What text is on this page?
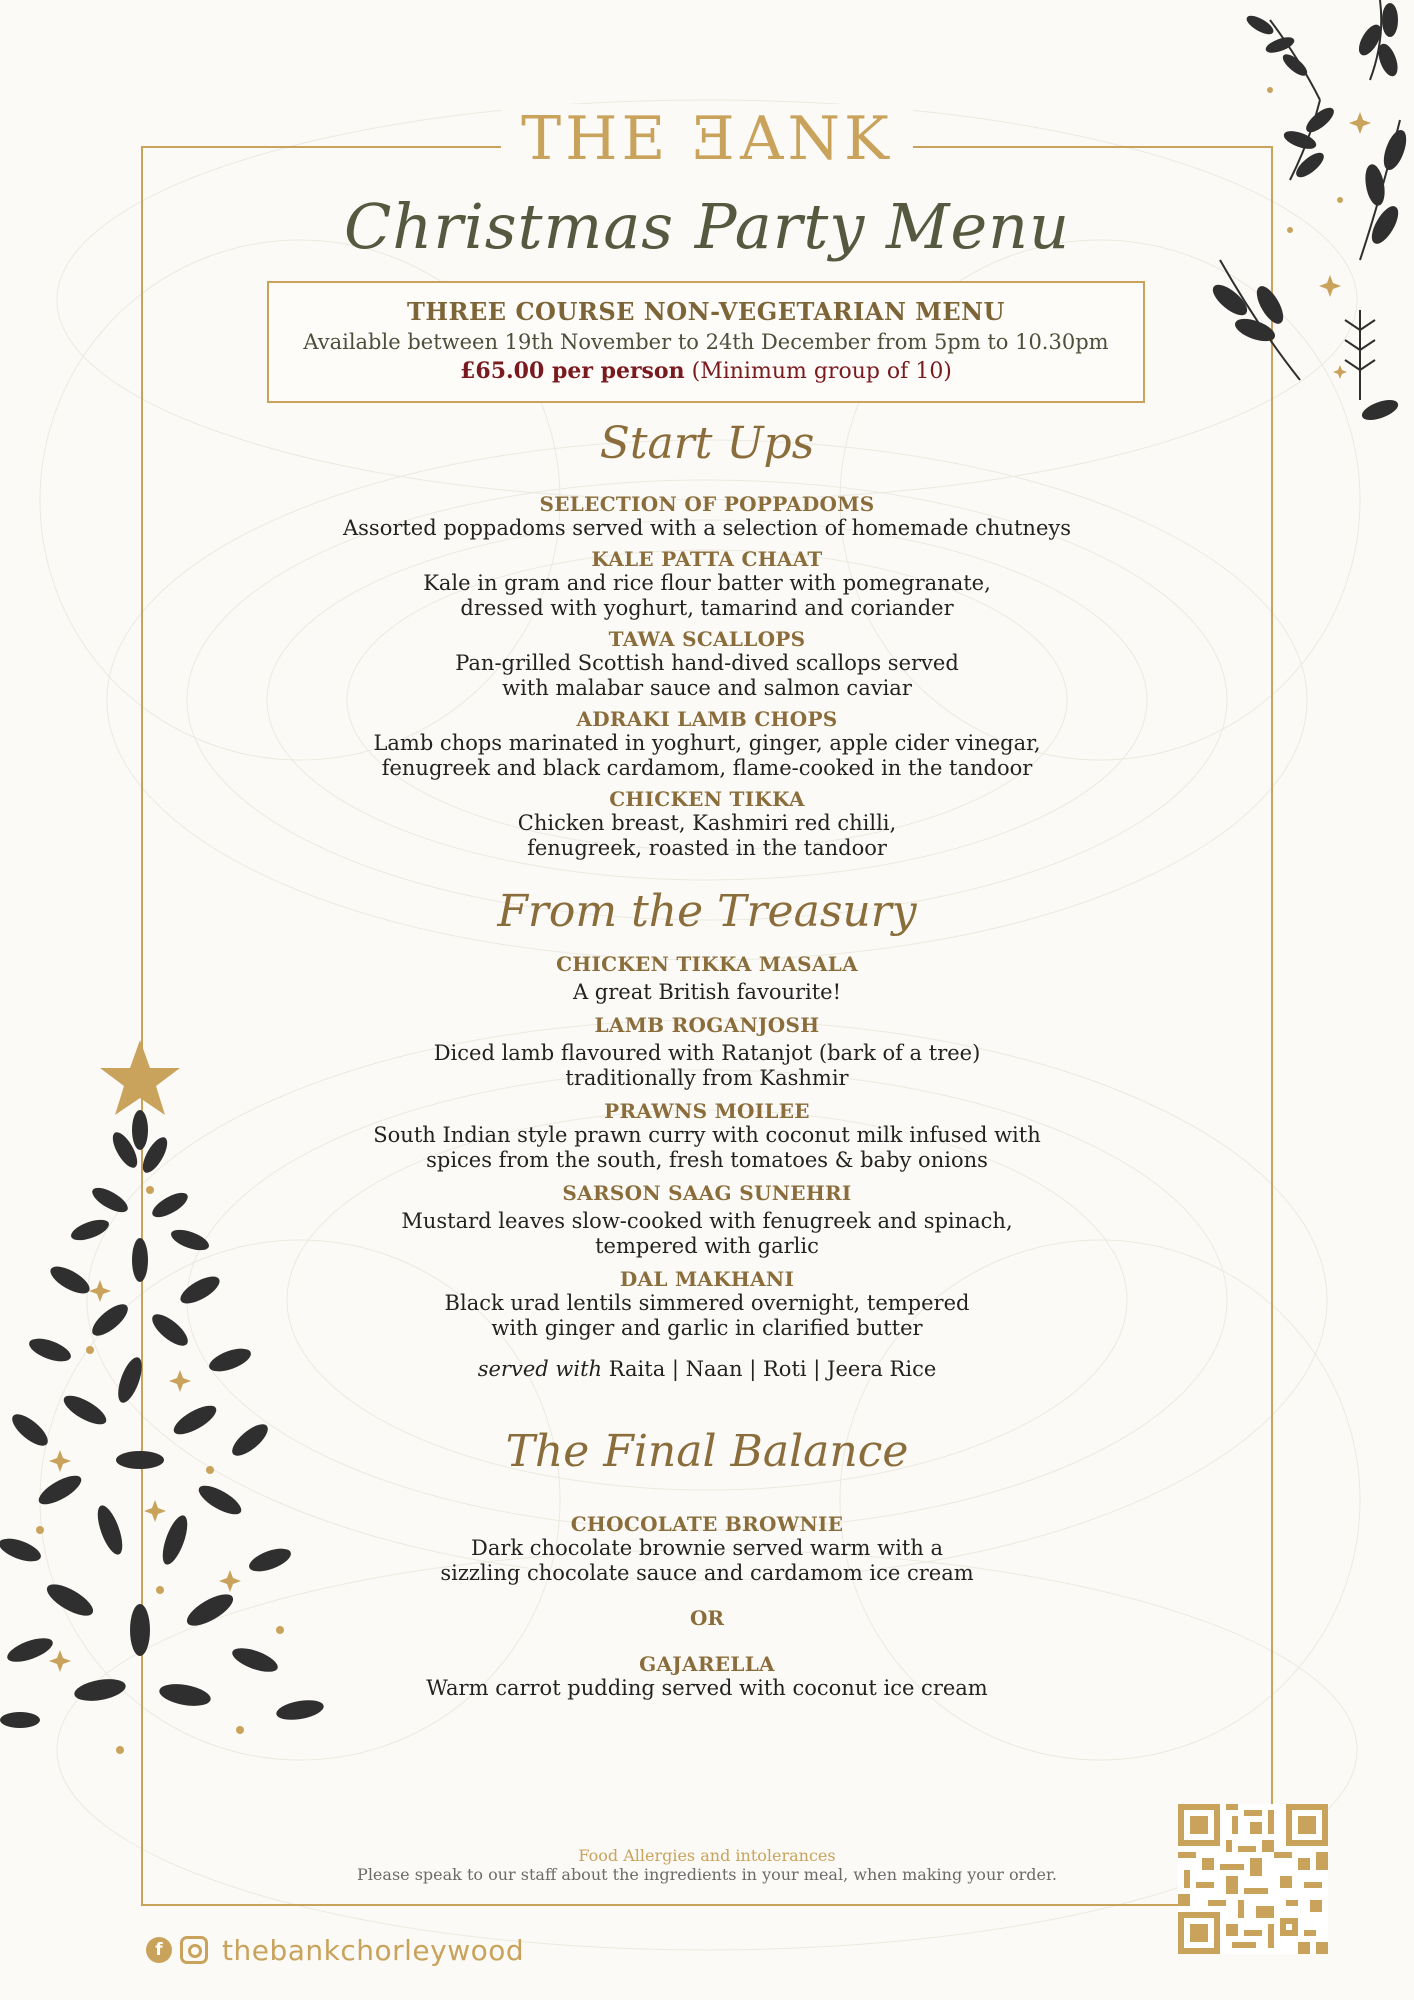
THE ƎANK
Christmas Party Menu
THREE COURSE NON-VEGETARIAN MENU
Available between 19th November to 24th December from 5pm to 10.30pm
£65.00 per person (Minimum group of 10)
Start Ups
SELECTION OF POPPADOMS
Assorted poppadoms served with a selection of homemade chutneys
KALE PATTA CHAAT
Kale in gram and rice flour batter with pomegranate,
dressed with yoghurt, tamarind and coriander
TAWA SCALLOPS
Pan-grilled Scottish hand-dived scallops served
with malabar sauce and salmon caviar
ADRAKI LAMB CHOPS
Lamb chops marinated in yoghurt, ginger, apple cider vinegar,
fenugreek and black cardamom, flame-cooked in the tandoor
CHICKEN TIKKA
Chicken breast, Kashmiri red chilli,
fenugreek, roasted in the tandoor
From the Treasury
CHICKEN TIKKA MASALA
A great British favourite!
LAMB ROGANJOSH
Diced lamb flavoured with Ratanjot (bark of a tree)
traditionally from Kashmir
PRAWNS MOILEE
South Indian style prawn curry with coconut milk infused with
spices from the south, fresh tomatoes & baby onions
SARSON SAAG SUNEHRI
Mustard leaves slow-cooked with fenugreek and spinach,
tempered with garlic
DAL MAKHANI
Black urad lentils simmered overnight, tempered
with ginger and garlic in clarified butter
served with Raita | Naan | Roti | Jeera Rice
The Final Balance
CHOCOLATE BROWNIE
Dark chocolate brownie served warm with a
sizzling chocolate sauce and cardamom ice cream
OR
GAJARELLA
Warm carrot pudding served with coconut ice cream
Food Allergies and intolerances
Please speak to our staff about the ingredients in your meal, when making your order.
f	thebankchorleywood
